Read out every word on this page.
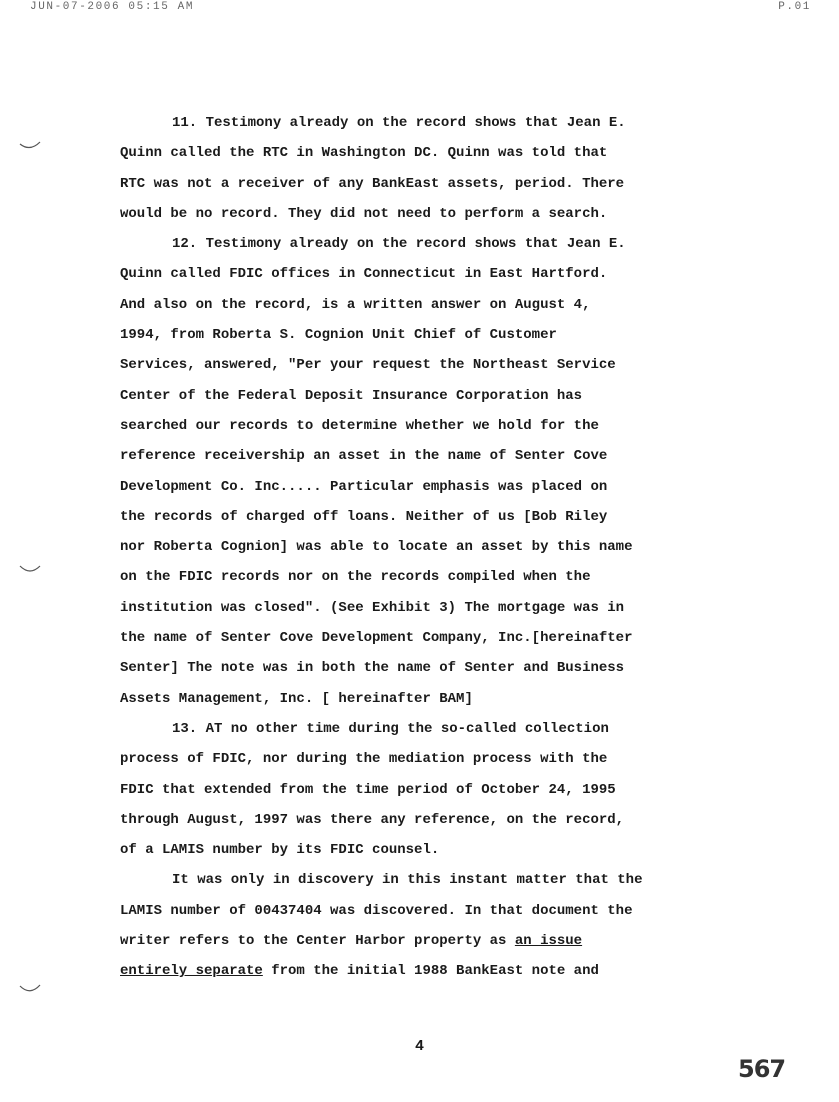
JUN-07-2006 05:15 AM	P.01
11. Testimony already on the record shows that Jean E.
Quinn called the RTC in Washington DC. Quinn was told that
RTC was not a receiver of any BankEast assets, period. There
would be no record. They did not need to perform a search.
12. Testimony already on the record shows that Jean E.
Quinn called FDIC offices in Connecticut in East Hartford.
And also on the record, is a written answer on August 4,
1994, from Roberta S. Cognion Unit Chief of Customer
Services, answered, "Per your request the Northeast Service
Center of the Federal Deposit Insurance Corporation has
searched our records to determine whether we hold for the
reference receivership an asset in the name of Senter Cove
Development Co. Inc..... Particular emphasis was placed on
the records of charged off loans. Neither of us [Bob Riley
nor Roberta Cognion] was able to locate an asset by this name
on the FDIC records nor on the records compiled when the
institution was closed". (See Exhibit 3) The mortgage was in
the name of Senter Cove Development Company, Inc.[hereinafter
Senter] The note was in both the name of Senter and Business
Assets Management, Inc. [ hereinafter BAM]
13. AT no other time during the so-called collection
process of FDIC, nor during the mediation process with the
FDIC that extended from the time period of October 24, 1995
through August, 1997 was there any reference, on the record,
of a LAMIS number by its FDIC counsel.
It was only in discovery in this instant matter that the
LAMIS number of 00437404 was discovered. In that document the
writer refers to the Center Harbor property as an issue
entirely separate from the initial 1988 BankEast note and
4
567
